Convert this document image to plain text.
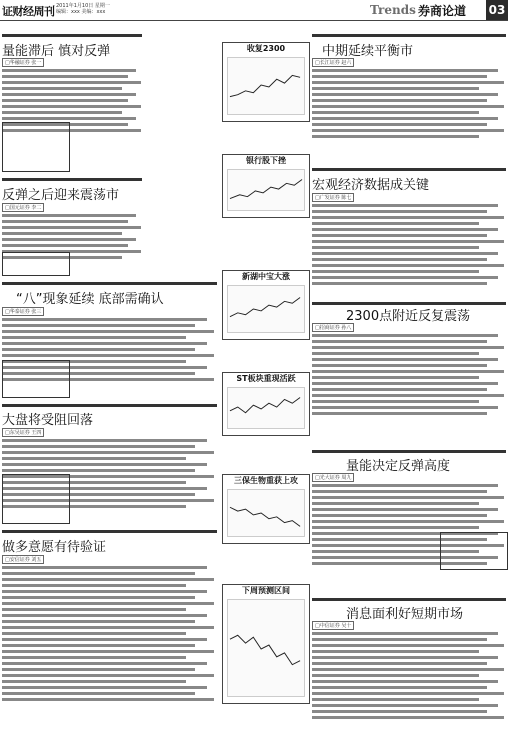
证财经周刊 2011年1月10日 星期一
编辑：xxx 美编：xxx	Trends 券商论道 03
量能滞后 慎对反弹
□华融证券 张一
反弹之后迎来震荡市
□国元证券 李二
“八”现象延续 底部需确认
□华泰证券 张三
大盘将受阻回落
□东吴证券 王四
做多意愿有待验证
□安信证券 刘五
收复2300
银行股下挫
新湖中宝大涨
ST板块重现活跃
三保生物重获上攻
下周预测区间
中期延续平衡市
□长江证券 赵六
宏观经济数据成关键
□广发证券 陈七
2300点附近反复震荡
□招商证券 孙八
量能决定反弹高度
□光大证券 周九
消息面利好短期市场
□中信证券 吴十
